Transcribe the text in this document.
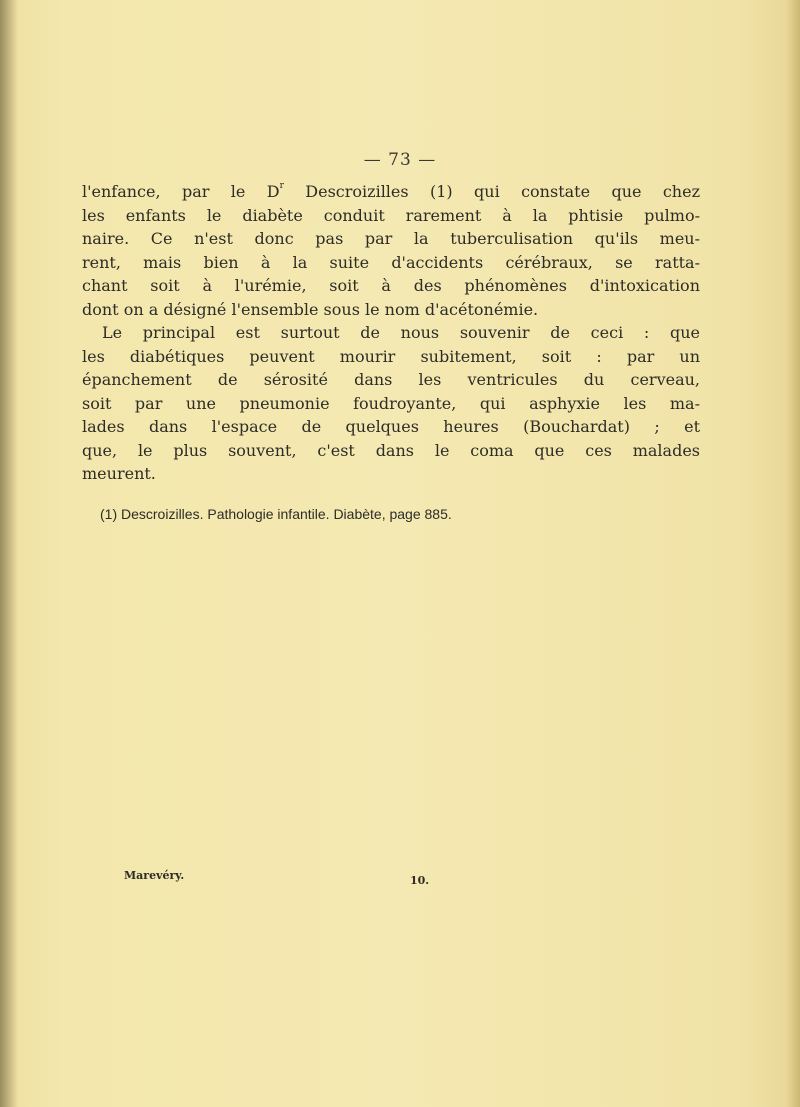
— 73 —
l'enfance, par le $D^r$ Descroizilles (1) qui constate que chez
les enfants le diabète conduit rarement à la phtisie pulmo-
naire. Ce n'est donc pas par la tuberculisation qu'ils meu-
rent, mais bien à la suite d'accidents cérébraux, se ratta-
chant soit à l'urémie, soit à des phénomènes d'intoxication
dont on a désigné l'ensemble sous le nom d'acétonémie.
Le principal est surtout de nous souvenir de ceci : que
les diabétiques peuvent mourir subitement, soit : par un
épanchement de sérosité dans les ventricules du cerveau,
soit par une pneumonie foudroyante, qui asphyxie les ma-
lades dans l'espace de quelques heures (Bouchardat) ; et
que, le plus souvent, c'est dans le coma que ces malades
meurent.
(1) Descroizilles. Pathologie infantile. Diabète, page 885.
Marevéry.	10.
